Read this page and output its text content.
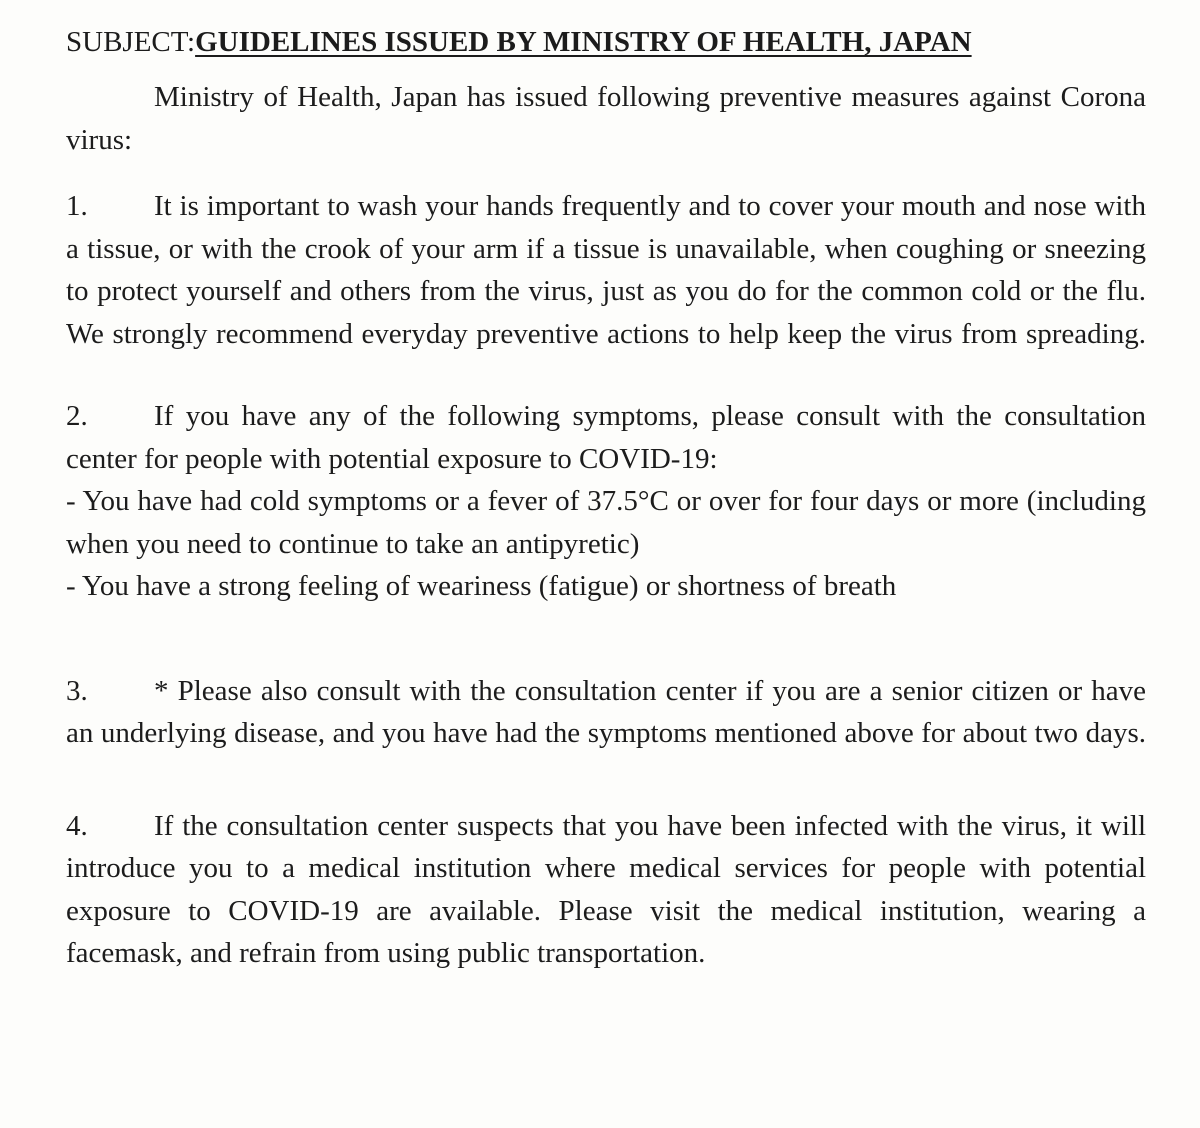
SUBJECT:GUIDELINES ISSUED BY MINISTRY OF HEALTH, JAPAN

Ministry of Health, Japan has issued following preventive measures against Corona virus:

1. It is important to wash your hands frequently and to cover your mouth and nose with a tissue, or with the crook of your arm if a tissue is unavailable, when coughing or sneezing to protect yourself and others from the virus, just as you do for the common cold or the flu. We strongly recommend everyday preventive actions to help keep the virus from spreading.

2. If you have any of the following symptoms, please consult with the consultation center for people with potential exposure to COVID-19:

- You have had cold symptoms or a fever of 37.5°C or over for four days or more (including when you need to continue to take an antipyretic)

- You have a strong feeling of weariness (fatigue) or shortness of breath

3. * Please also consult with the consultation center if you are a senior citizen or have an underlying disease, and you have had the symptoms mentioned above for about two days.

4. If the consultation center suspects that you have been infected with the virus, it will introduce you to a medical institution where medical services for people with potential exposure to COVID-19 are available. Please visit the medical institution, wearing a facemask, and refrain from using public transportation.
